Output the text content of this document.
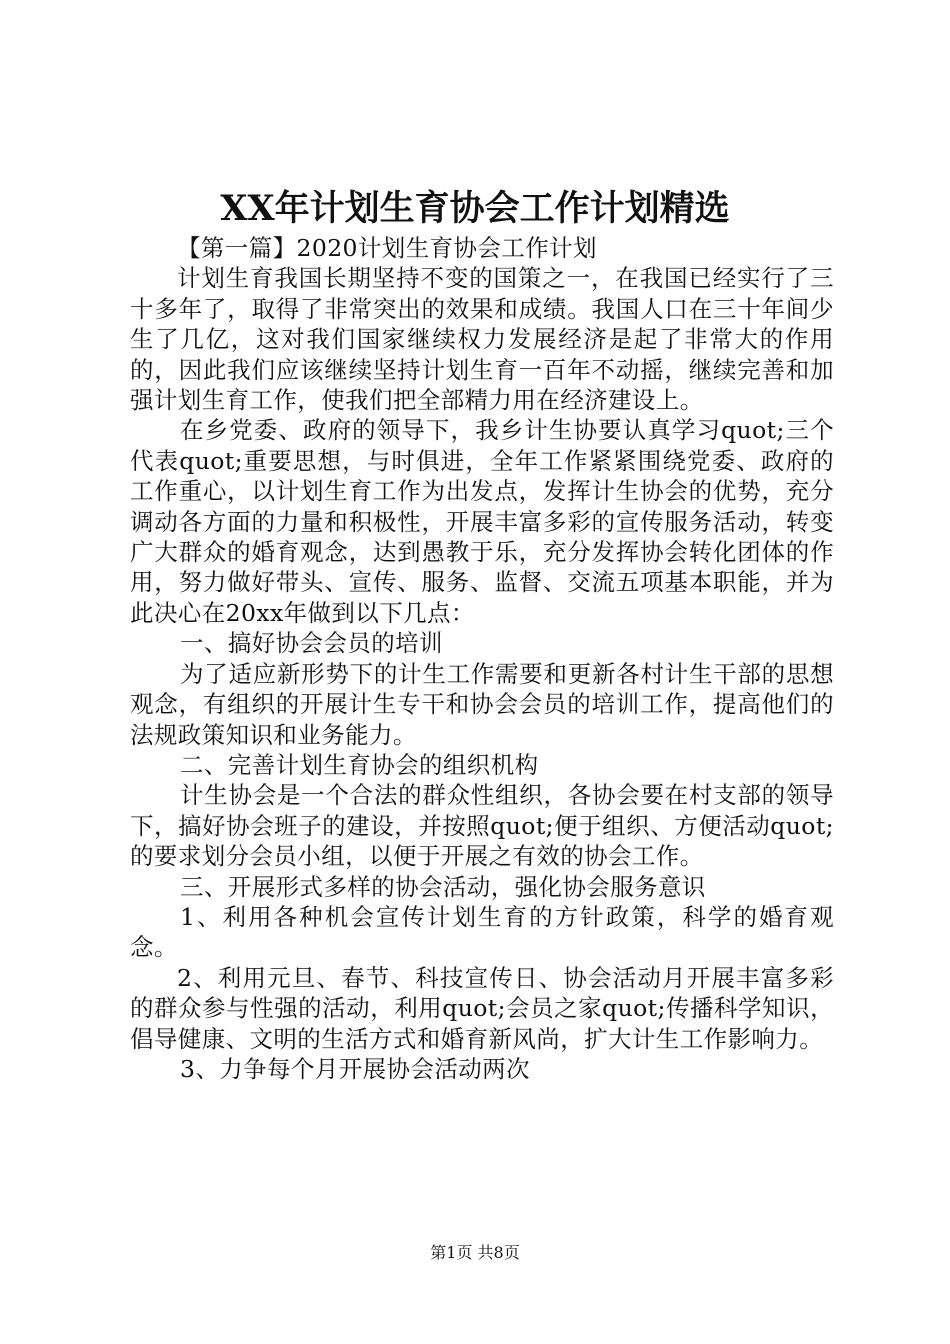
XX年计划生育协会工作计划精选

【第一篇】2020计划生育协会工作计划

计划生育我国长期坚持不变的国策之一，在我国已经实行了三十多年了，取得了非常突出的效果和成绩。我国人口在三十年间少生了几亿，这对我们国家继续权力发展经济是起了非常大的作用的，因此我们应该继续坚持计划生育一百年不动摇，继续完善和加强计划生育工作，使我们把全部精力用在经济建设上。

在乡党委、政府的领导下，我乡计生协要认真学习quot;三个代表quot;重要思想，与时俱进，全年工作紧紧围绕党委、政府的工作重心，以计划生育工作为出发点，发挥计生协会的优势，充分调动各方面的力量和积极性，开展丰富多彩的宣传服务活动，转变广大群众的婚育观念，达到愚教于乐，充分发挥协会转化团体的作用，努力做好带头、宣传、服务、监督、交流五项基本职能，并为此决心在20xx年做到以下几点：

一、搞好协会会员的培训

为了适应新形势下的计生工作需要和更新各村计生干部的思想观念，有组织的开展计生专干和协会会员的培训工作，提高他们的法规政策知识和业务能力。

二、完善计划生育协会的组织机构

计生协会是一个合法的群众性组织，各协会要在村支部的领导下，搞好协会班子的建设，并按照quot;便于组织、方便活动quot;的要求划分会员小组，以便于开展之有效的协会工作。

三、开展形式多样的协会活动，强化协会服务意识

1、利用各种机会宣传计划生育的方针政策，科学的婚育观念。

2、利用元旦、春节、科技宣传日、协会活动月开展丰富多彩的群众参与性强的活动，利用quot;会员之家quot;传播科学知识，倡导健康、文明的生活方式和婚育新风尚，扩大计生工作影响力。

3、力争每个月开展协会活动两次

第1页 共8页
